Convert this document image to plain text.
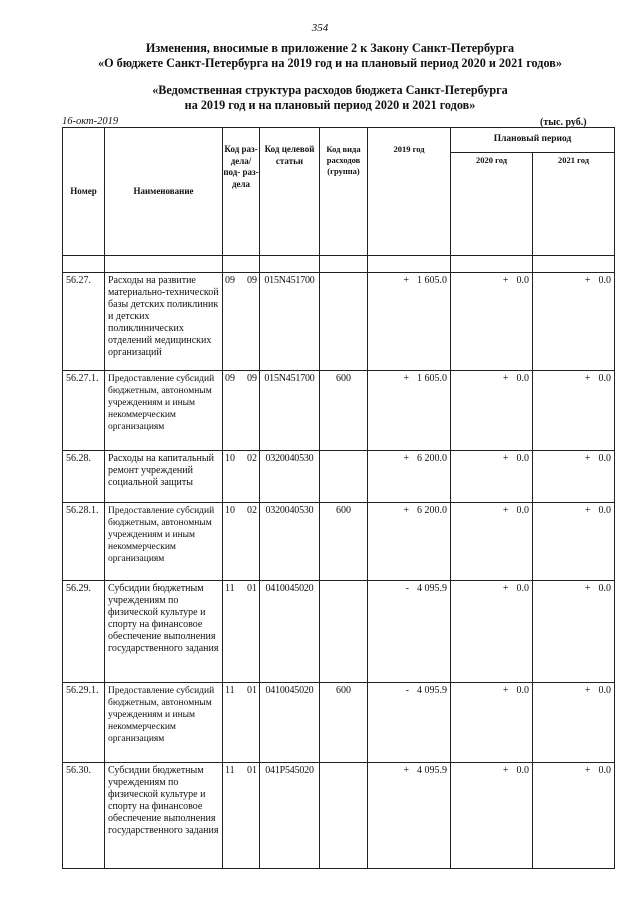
354
Изменения, вносимые в приложение 2 к Закону Санкт-Петербурга
«О бюджете Санкт-Петербурга на 2019 год и на плановый период 2020 и 2021 годов»
«Ведомственная структура расходов бюджета Санкт-Петербурга
на 2019 год и на плановый период 2020 и 2021 годов»
16-окт-2019	(тыс. руб.)
Номер	Наименование	Код раз- дела/ под- раз- дела	Код целевой статьи	Код вида расходов (группа)	2019 год	Плановый период	
						2020 год	2021 год

56.27.	Расходы на развитие материально-технической базы детских поликлиник и детских поликлинических отделений медицинских организаций	09 09	015N451700		+ 1 605.0	+ 0.0	+ 0.0
56.27.1.	Предоставление субсидий бюджетным, автономным учреждениям и иным некоммерческим организациям	09 09	015N451700	600	+ 1 605.0	+ 0.0	+ 0.0
56.28.	Расходы на капитальный ремонт учреждений социальной защиты	10 02	0320040530		+ 6 200.0	+ 0.0	+ 0.0
56.28.1.	Предоставление субсидий бюджетным, автономным учреждениям и иным некоммерческим организациям	10 02	0320040530	600	+ 6 200.0	+ 0.0	+ 0.0
56.29.	Субсидии бюджетным учреждениям по физической культуре и спорту на финансовое обеспечение выполнения государственного задания	11 01	0410045020		- 4 095.9	+ 0.0	+ 0.0
56.29.1.	Предоставление субсидий бюджетным, автономным учреждениям и иным некоммерческим организациям	11 01	0410045020	600	- 4 095.9	+ 0.0	+ 0.0
56.30.	Субсидии бюджетным учреждениям по физической культуре и спорту на финансовое обеспечение выполнения государственного задания	11 01	041P545020		+ 4 095.9	+ 0.0	+ 0.0
